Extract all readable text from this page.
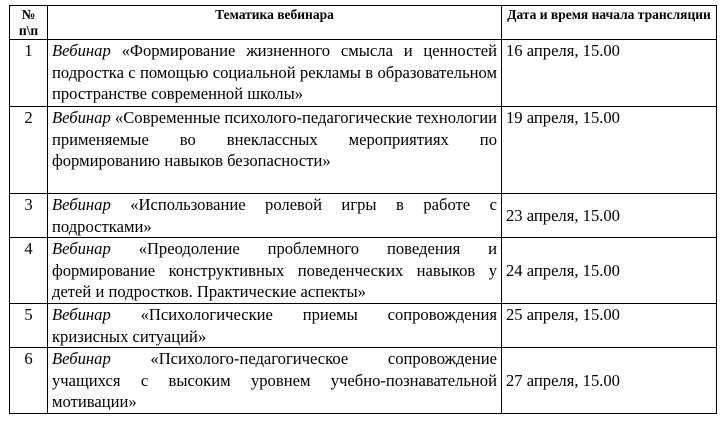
№ п\п	Тематика вебинара	Дата и время начала трансляции
1	Вебинар «Формирование жизненного смысла и ценностей подростка с помощью социальной рекламы в образовательном пространстве современной школы»	16 апреля, 15.00
2	Вебинар «Современные психолого-педагогические технологии применяемые во внеклассных мероприятиях по формированию навыков безопасности»	19 апреля, 15.00
3	Вебинар «Использование ролевой игры в работе с подростками»	23 апреля, 15.00
4	Вебинар «Преодоление проблемного поведения и формирование конструктивных поведенческих навыков у детей и подростков. Практические аспекты»	24 апреля, 15.00
5	Вебинар «Психологические приемы сопровождения кризисных ситуаций»	25 апреля, 15.00
6	Вебинар «Психолого-педагогическое сопровождение учащихся с высоким уровнем учебно-познавательной мотивации»	27 апреля, 15.00
